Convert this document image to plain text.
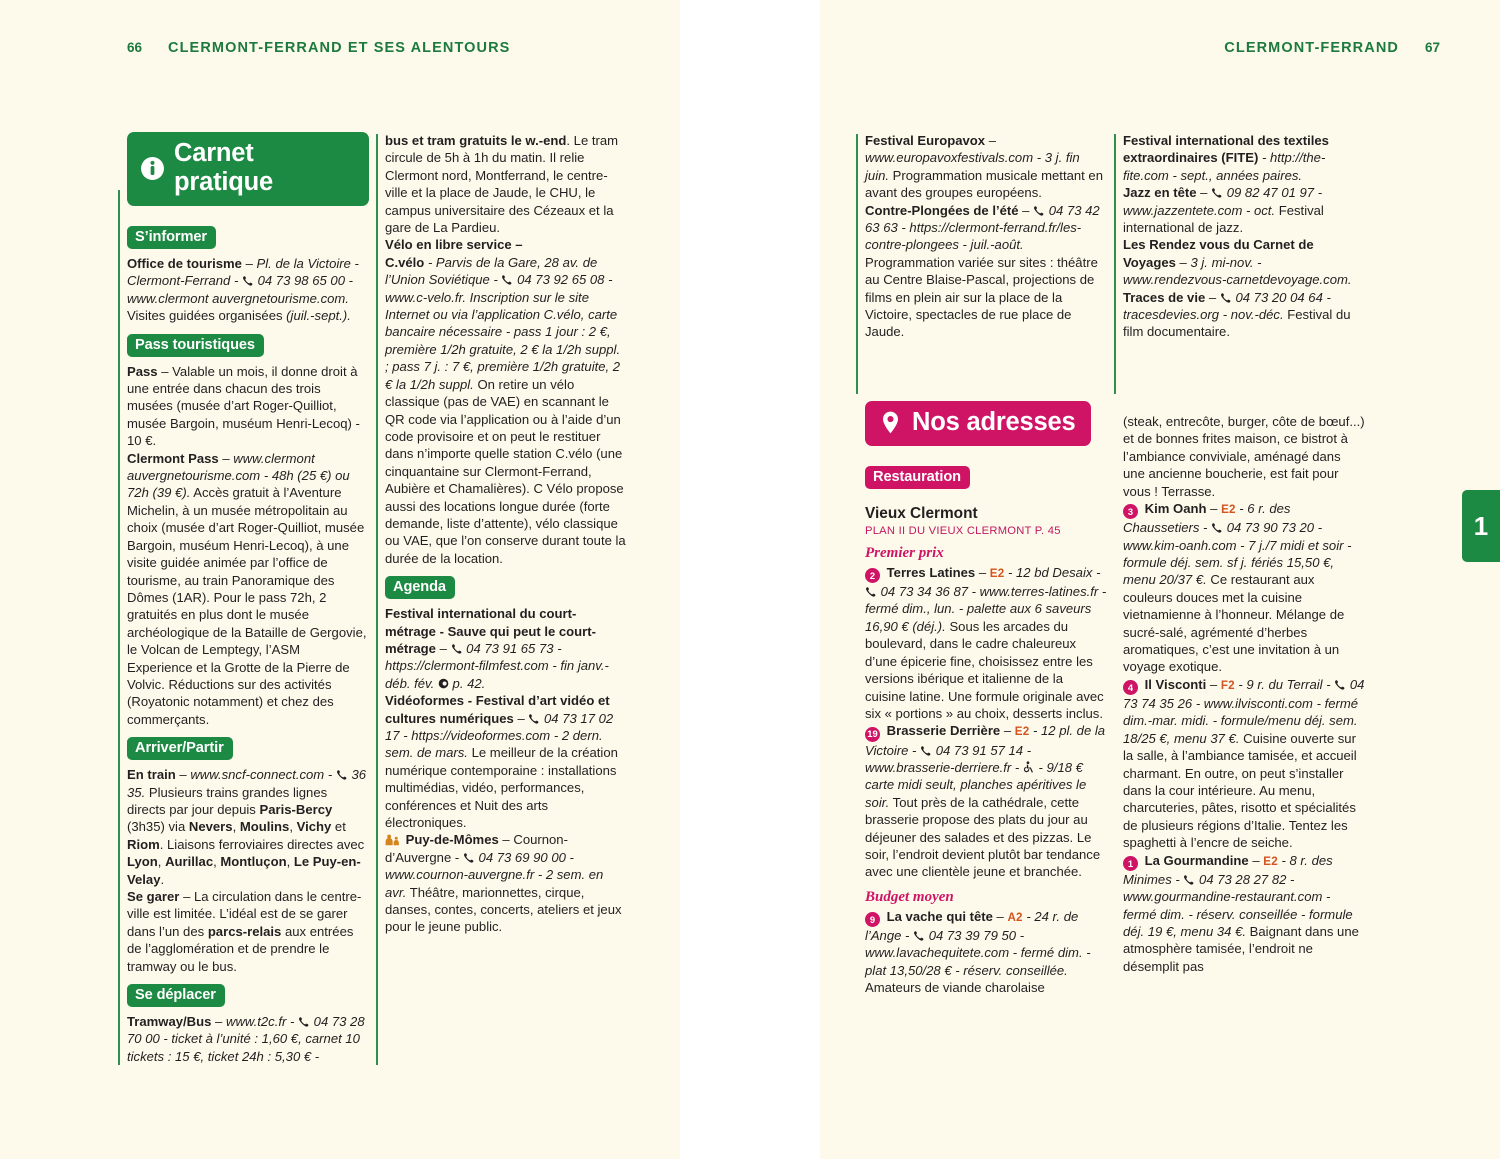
66 CLERMONT-FERRAND ET SES ALENTOURS
Carnet pratique
S’informer

Office de tourisme – Pl. de la Victoire - Clermont-Ferrand - 04 73 98 65 00 - www.clermont auvergnetourisme.com. Visites guidées organisées (juil.-sept.).

Pass touristiques

Pass – Valable un mois, il donne droit à une entrée dans chacun des trois musées (musée d’art Roger-Quilliot, musée Bargoin, muséum Henri-Lecoq) - 10 €.

Clermont Pass – www.clermont auvergnetourisme.com - 48h (25 €) ou 72h (39 €). Accès gratuit à l’Aventure Michelin, à un musée métropolitain au choix (musée d’art Roger-Quilliot, musée Bargoin, muséum Henri-Lecoq), à une visite guidée animée par l’office de tourisme, au train Panoramique des Dômes (1AR). Pour le pass 72h, 2 gratuités en plus dont le musée archéologique de la Bataille de Gergovie, le Volcan de Lemptegy, l’ASM Experience et la Grotte de la Pierre de Volvic. Réductions sur des activités (Royatonic notamment) et chez des commerçants.

Arriver/Partir

En train – www.sncf-connect.com - 36 35. Plusieurs trains grandes lignes directs par jour depuis Paris-Bercy (3h35) via Nevers, Moulins, Vichy et Riom. Liaisons ferroviaires directes avec Lyon, Aurillac, Montluçon, Le Puy-en-Velay.

Se garer – La circulation dans le centre-ville est limitée. L’idéal est de se garer dans l’un des parcs-relais aux entrées de l’agglomération et de prendre le tramway ou le bus.

Se déplacer

Tramway/Bus – www.t2c.fr - 04 73 28 70 00 - ticket à l’unité : 1,60 €, carnet 10 tickets : 15 €, ticket 24h : 5,30 € -

bus et tram gratuits le w.-end. Le tram circule de 5h à 1h du matin. Il relie Clermont nord, Montferrand, le centre-ville et la place de Jaude, le CHU, le campus universitaire des Cézeaux et la gare de La Pardieu.

Vélo en libre service –
C.vélo - Parvis de la Gare, 28 av. de l’Union Soviétique - 04 73 92 65 08 - www.c-velo.fr. Inscription sur le site Internet ou via l’application C.vélo, carte bancaire nécessaire - pass 1 jour : 2 €, première 1/2h gratuite, 2 € la 1/2h suppl. ; pass 7 j. : 7 €, première 1/2h gratuite, 2 € la 1/2h suppl. On retire un vélo classique (pas de VAE) en scannant le QR code via l’application ou à l’aide d’un code provisoire et on peut le restituer dans n’importe quelle station C.vélo (une cinquantaine sur Clermont-Ferrand, Aubière et Chamalières). C Vélo propose aussi des locations longue durée (forte demande, liste d’attente), vélo classique ou VAE, que l’on conserve durant toute la durée de la location.

Agenda

Festival international du court-métrage - Sauve qui peut le court-métrage – 04 73 91 65 73 - https://clermont-filmfest.com - fin janv.-déb. fév. p. 42.

Vidéoformes - Festival d’art vidéo et cultures numériques – 04 73 17 02 17 - https://videoformes.com - 2 dern. sem. de mars. Le meilleur de la création numérique contemporaine : installations multimédias, vidéo, performances, conférences et Nuit des arts électroniques.

Puy-de-Mômes – Cournon-d’Auvergne - 04 73 69 90 00 - www.cournon-auvergne.fr - 2 sem. en avr. Théâtre, marionnettes, cirque, danses, contes, concerts, ateliers et jeux pour le jeune public.

CLERMONT-FERRAND 67

Festival Europavox – www.europavoxfestivals.com - 3 j. fin juin. Programmation musicale mettant en avant des groupes européens.

Contre-Plongées de l’été – 04 73 42 63 63 - https://clermont-ferrand.fr/les-contre-plongees - juil.-août. Programmation variée sur sites : théâtre au Centre Blaise-Pascal, projections de films en plein air sur la place de la Victoire, spectacles de rue place de Jaude.

Nos adresses
Restauration
Vieux Clermont
PLAN II DU VIEUX CLERMONT P. 45
Premier prix

2 Terres Latines – E2 - 12 bd Desaix -  04 73 34 36 87 - www.terres-latines.fr - fermé dim., lun. - palette aux 6 saveurs 16,90 € (déj.). Sous les arcades du boulevard, dans le cadre chaleureux d’une épicerie fine, choisissez entre les versions ibérique et italienne de la cuisine latine. Une formule originale avec six « portions » au choix, desserts inclus.

19 Brasserie Derrière – E2 - 12 pl. de la Victoire - 04 73 91 57 14 - www.brasserie-derriere.fr - - 9/18 € carte midi seult, planches apéritives le soir. Tout près de la cathédrale, cette brasserie propose des plats du jour au déjeuner des salades et des pizzas. Le soir, l’endroit devient plutôt bar tendance avec une clientèle jeune et branchée.

Budget moyen

9 La vache qui tête – A2 - 24 r. de l’Ange - 04 73 39 79 50 - www.lavachequitete.com - fermé dim. - plat 13,50/28 € - réserv. conseillée. Amateurs de viande charolaise

Festival international des textiles extraordinaires (FITE) - http://the-fite.com - sept., années paires.

Jazz en tête – 09 82 47 01 97 - www.jazzentete.com - oct. Festival international de jazz.

Les Rendez vous du Carnet de Voyages – 3 j. mi-nov. - www.rendezvous-carnetdevoyage.com.

Traces de vie – 04 73 20 04 64 - tracesdevies.org - nov.-déc. Festival du film documentaire.

(steak, entrecôte, burger, côte de bœuf...) et de bonnes frites maison, ce bistrot à l’ambiance conviviale, aménagé dans une ancienne boucherie, est fait pour vous ! Terrasse.

3 Kim Oanh – E2 - 6 r. des Chaussetiers - 04 73 90 73 20 - www.kim-oanh.com - 7 j./7 midi et soir - formule déj. sem. sf j. fériés 15,50 €, menu 20/37 €. Ce restaurant aux couleurs douces met la cuisine vietnamienne à l’honneur. Mélange de sucré-salé, agrémenté d’herbes aromatiques, c’est une invitation à un voyage exotique.

4 Il Visconti – F2 - 9 r. du Terrail - 04 73 74 35 26 - www.ilvisconti.com - fermé dim.-mar. midi. - formule/menu déj. sem. 18/25 €, menu 37 €. Cuisine ouverte sur la salle, à l’ambiance tamisée, et accueil charmant. En outre, on peut s’installer dans la cour intérieure. Au menu, charcuteries, pâtes, risotto et spécialités de plusieurs régions d’Italie. Tentez les spaghetti à l’encre de seiche.

1 La Gourmandine – E2 - 8 r. des Minimes - 04 73 28 27 82 - www.gourmandine-restaurant.com - fermé dim. - réserv. conseillée - formule déj. 19 €, menu 34 €. Baignant dans une atmosphère tamisée, l’endroit ne désemplit pas

1
